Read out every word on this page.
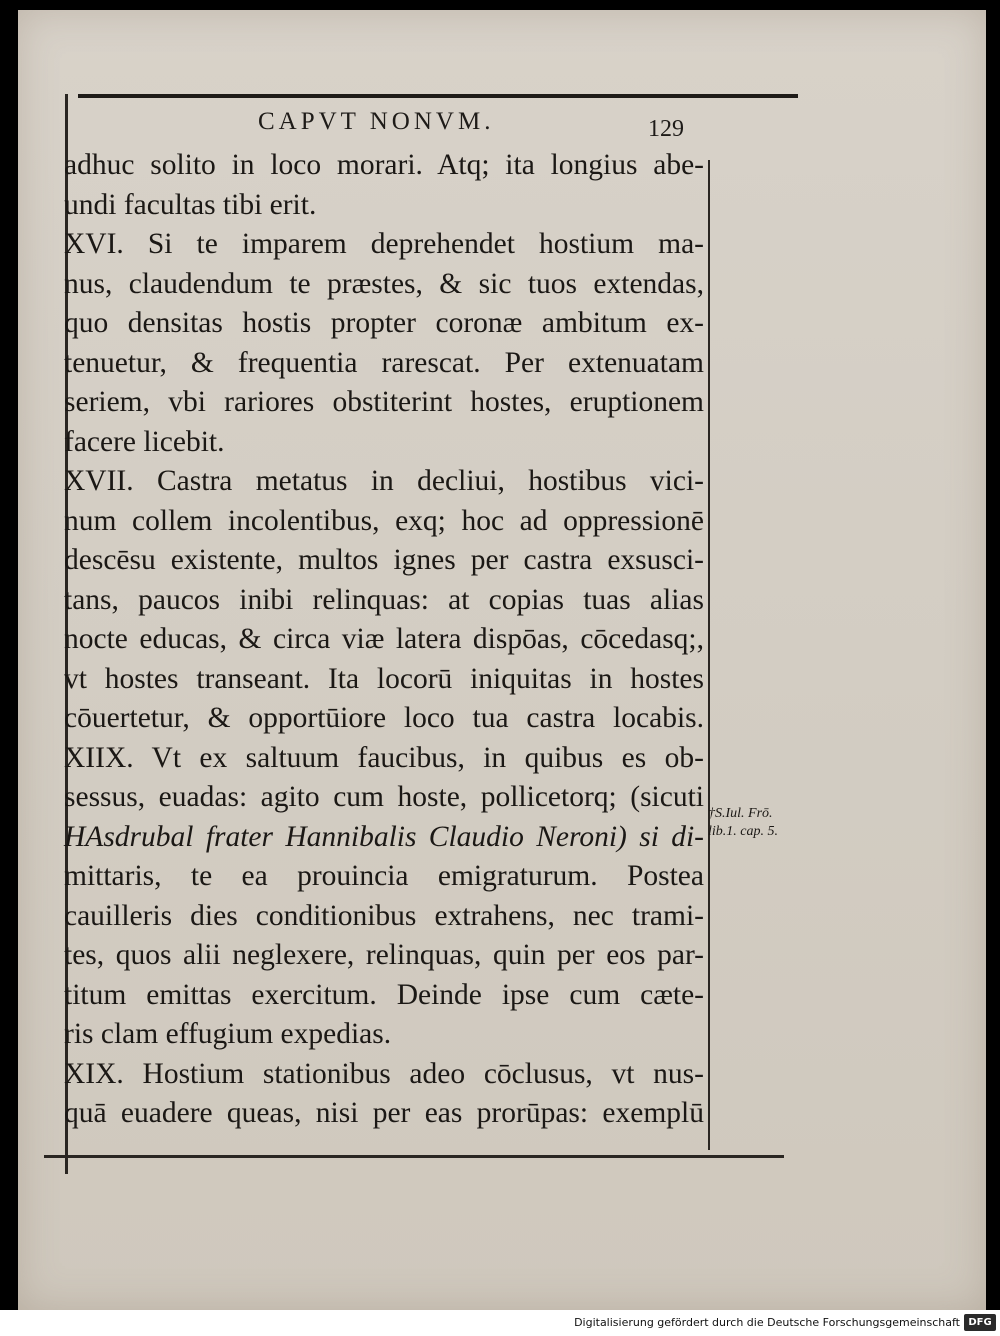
CAPVT NONVM.	129
adhuc solito in loco morari. Atq; ita longius abe-
undi facultas tibi erit.
XVI. Si te imparem deprehendet hostium ma-
nus, claudendum te præstes, & sic tuos extendas,
quo densitas hostis propter coronæ ambitum ex-
tenuetur, & frequentia rarescat. Per extenuatam
seriem, vbi rariores obstiterint hostes, eruptionem
facere licebit.
XVII. Castra metatus in decliui, hostibus vici-
num collem incolentibus, exq; hoc ad oppressionē
descēsu existente, multos ignes per castra exsusci-
tans, paucos inibi relinquas: at copias tuas alias
nocte educas, & circa viæ latera dispōas, cōcedasq;,
vt hostes transeant. Ita locorū iniquitas in hostes
cōuertetur, & opportūiore loco tua castra locabis.
XIIX. Vt ex saltuum faucibus, in quibus es ob-
sessus, euadas: agito cum hoste, pollicetorq; (sicuti
HAsdrubal frater Hannibalis Claudio Neroni) si di-
mittaris, te ea prouincia emigraturum. Postea
cauilleris dies conditionibus extrahens, nec trami-
tes, quos alii neglexere, relinquas, quin per eos par-
titum emittas exercitum. Deinde ipse cum cæte-
ris clam effugium expedias.
XIX. Hostium stationibus adeo cōclusus, vt nus-
quā euadere queas, nisi per eas prorūpas: exemplū
†S.Iul. Frō.
lib.1. cap. 5.
Digitalisierung gefördert durch die Deutsche Forschungsgemeinschaft DFG
